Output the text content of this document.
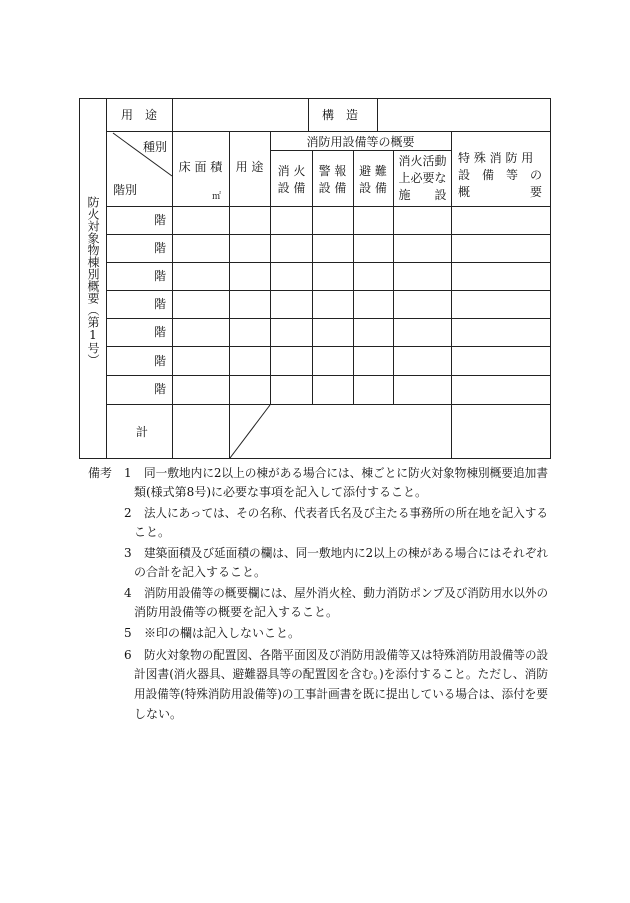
防火対象物棟別概要（第1号）
用　途	構　造
種別
階別
床 面 積
㎡
用 途
消防用設備等の概要
消 火
設 備
警 報
設 備
避 難
設 備
消火活動
上必要な
施　　設
特 殊 消 防 用
設　備　等　の
概　　　　　要
階
階
階
階
階
階
階
計
備考 1 同一敷地内に2以上の棟がある場合には、棟ごとに防火対象物棟別概要追加書
類(様式第8号)に必要な事項を記入して添付すること。
2 法人にあっては、その名称、代表者氏名及び主たる事務所の所在地を記入する
こと。
3 建築面積及び延面積の欄は、同一敷地内に2以上の棟がある場合にはそれぞれ
の合計を記入すること。
4 消防用設備等の概要欄には、屋外消火栓、動力消防ポンプ及び消防用水以外の
消防用設備等の概要を記入すること。
5 ※印の欄は記入しないこと。
6 防火対象物の配置図、各階平面図及び消防用設備等又は特殊消防用設備等の設
計図書(消火器具、避難器具等の配置図を含む。)を添付すること。ただし、消防
用設備等(特殊消防用設備等)の工事計画書を既に提出している場合は、添付を要
しない。
